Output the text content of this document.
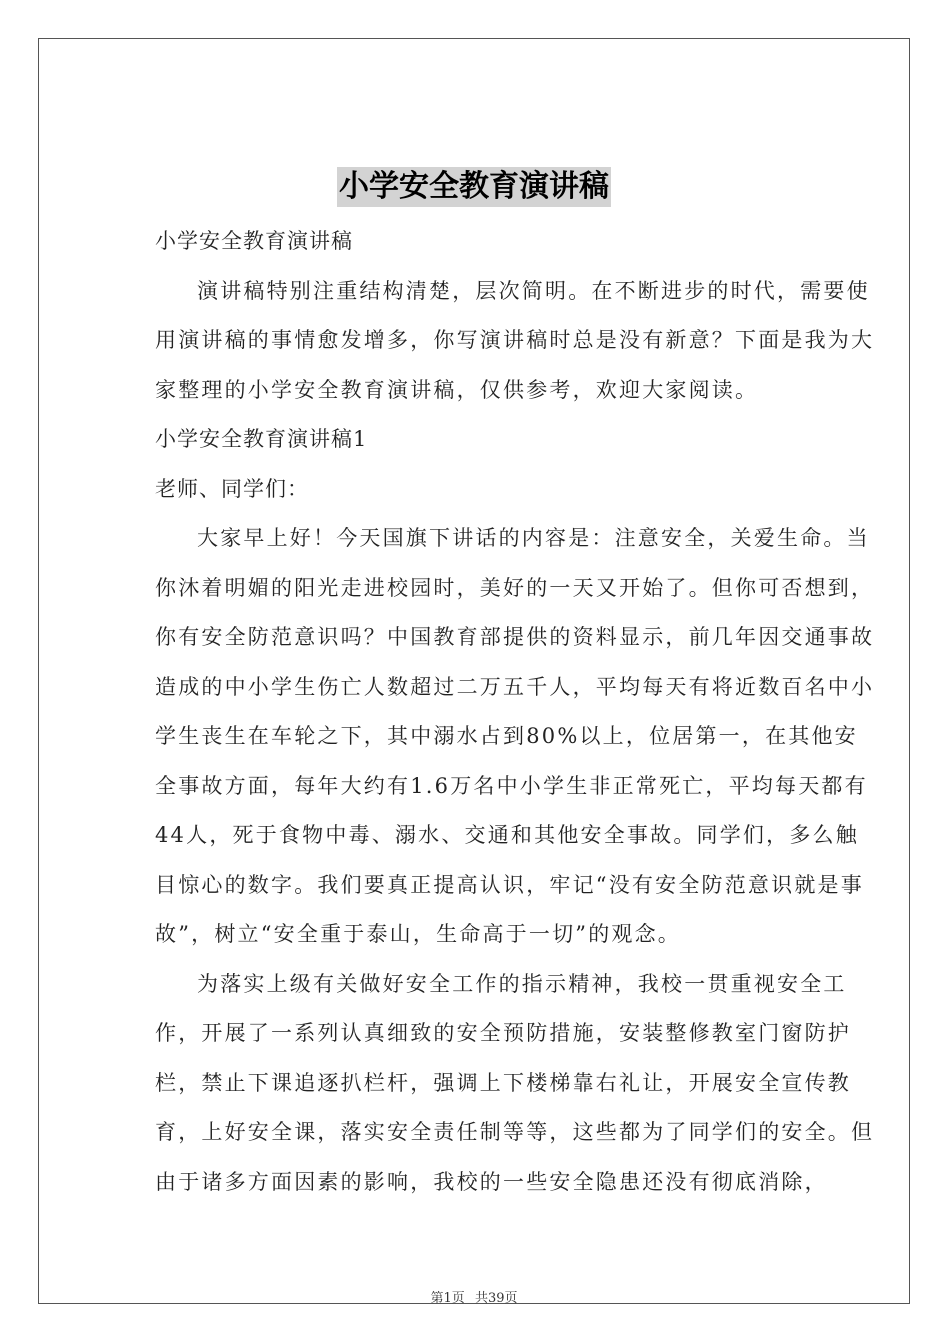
小学安全教育演讲稿

小学安全教育演讲稿

演讲稿特别注重结构清楚，层次简明。在不断进步的时代，需要使用演讲稿的事情愈发增多，你写演讲稿时总是没有新意？下面是我为大家整理的小学安全教育演讲稿，仅供参考，欢迎大家阅读。

小学安全教育演讲稿1

老师、同学们：

大家早上好！今天国旗下讲话的内容是：注意安全，关爱生命。当你沐着明媚的阳光走进校园时，美好的一天又开始了。但你可否想到，你有安全防范意识吗？中国教育部提供的资料显示，前几年因交通事故造成的中小学生伤亡人数超过二万五千人，平均每天有将近数百名中小学生丧生在车轮之下，其中溺水占到80%以上，位居第一，在其他安全事故方面，每年大约有1.6万名中小学生非正常死亡，平均每天都有44人，死于食物中毒、溺水、交通和其他安全事故。同学们，多么触目惊心的数字。我们要真正提高认识，牢记“没有安全防范意识就是事故”，树立“安全重于泰山，生命高于一切”的观念。

为落实上级有关做好安全工作的指示精神，我校一贯重视安全工作，开展了一系列认真细致的安全预防措施，安装整修教室门窗防护栏，禁止下课追逐扒栏杆，强调上下楼梯靠右礼让，开展安全宣传教育，上好安全课，落实安全责任制等等，这些都为了同学们的安全。但由于诸多方面因素的影响，我校的一些安全隐患还没有彻底消除，

第1页 共39页
